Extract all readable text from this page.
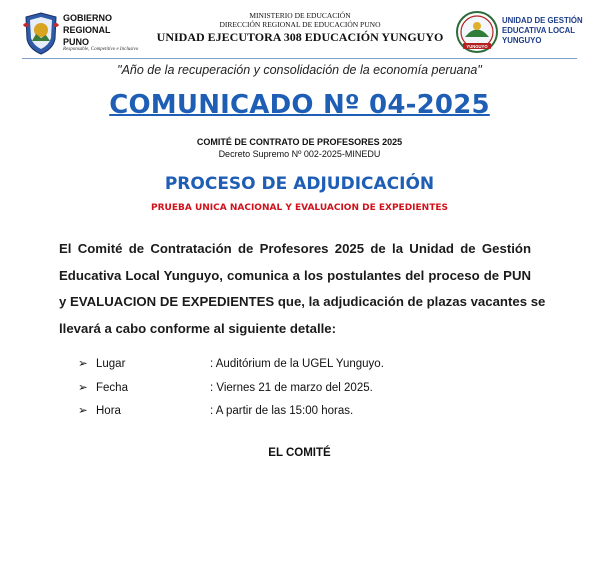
GOBIERNO
REGIONAL
PUNO
Responsable, Competitivo e Inclusivo
MINISTERIO DE EDUCACIÓN
DIRECCIÓN REGIONAL DE EDUCACIÓN PUNO
UNIDAD EJECUTORA 308 EDUCACIÓN YUNGUYO
YUNGUYO
UNIDAD DE GESTIÓN
EDUCATIVA LOCAL
YUNGUYO
"Año de la recuperación y consolidación de la economía peruana"
COMUNICADO Nº 04-2025
COMITÉ DE CONTRATO DE PROFESORES 2025
Decreto Supremo Nº 002-2025-MINEDU
PROCESO DE ADJUDICACIÓN
PRUEBA UNICA NACIONAL Y EVALUACION DE EXPEDIENTES
El Comité de Contratación de Profesores 2025 de la Unidad de Gestión
Educativa Local Yunguyo, comunica a los postulantes del proceso de PUN
y EVALUACION DE EXPEDIENTES que, la adjudicación de plazas vacantes se
llevará a cabo conforme al siguiente detalle:
➢ Lugar	: Auditórium de la UGEL Yunguyo.
➢ Fecha	: Viernes 21 de marzo del 2025.
➢ Hora	: A partir de las 15:00 horas.
EL COMITÉ
